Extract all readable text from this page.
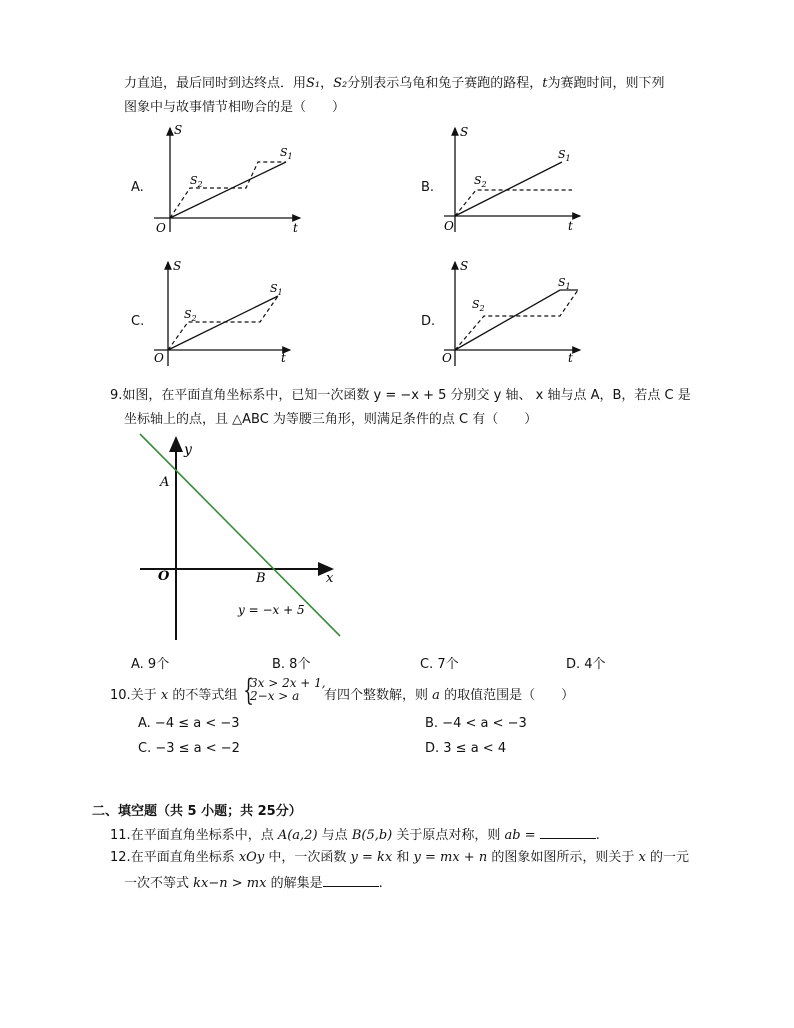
力直追，最后同时到达终点．用S₁，S₂分别表示乌龟和兔子赛跑的路程，t为赛跑时间，则下列
图象中与故事情节相吻合的是（　　）
A.	B.
C.	D.
S
t
O
$S_1$
$S_2$
S
t
O
$S_1$
$S_2$
S
t
O
$S_1$
$S_2$
S
t
O
$S_1$
$S_2$
9.如图，在平面直角坐标系中，已知一次函数 y = −x + 5 分别交 y 轴、 x 轴与点 A，B，若点 C 是
坐标轴上的点，且 △ABC 为等腰三角形，则满足条件的点 C 有（　　）
y
x
O
A
B
y = −x + 5
A. 9个	B. 8个	C. 7个	D. 4个
10.关于 x 的不等式组 {
3x > 2x + 1,
2−x > a	有四个整数解，则 a 的取值范围是（　　）
A. −4 ≤ a < −3	B. −4 < a < −3
C. −3 ≤ a < −2	D. 3 ≤ a < 4
二、填空题（共 5 小题；共 25分）
11.在平面直角坐标系中，点 A(a,2) 与点 B(5,b) 关于原点对称，则 ab =	.
12.在平面直角坐标系 xOy 中，一次函数 y = kx 和 y = mx + n 的图象如图所示，则关于 x 的一元
一次不等式 kx−n > mx 的解集是	.
